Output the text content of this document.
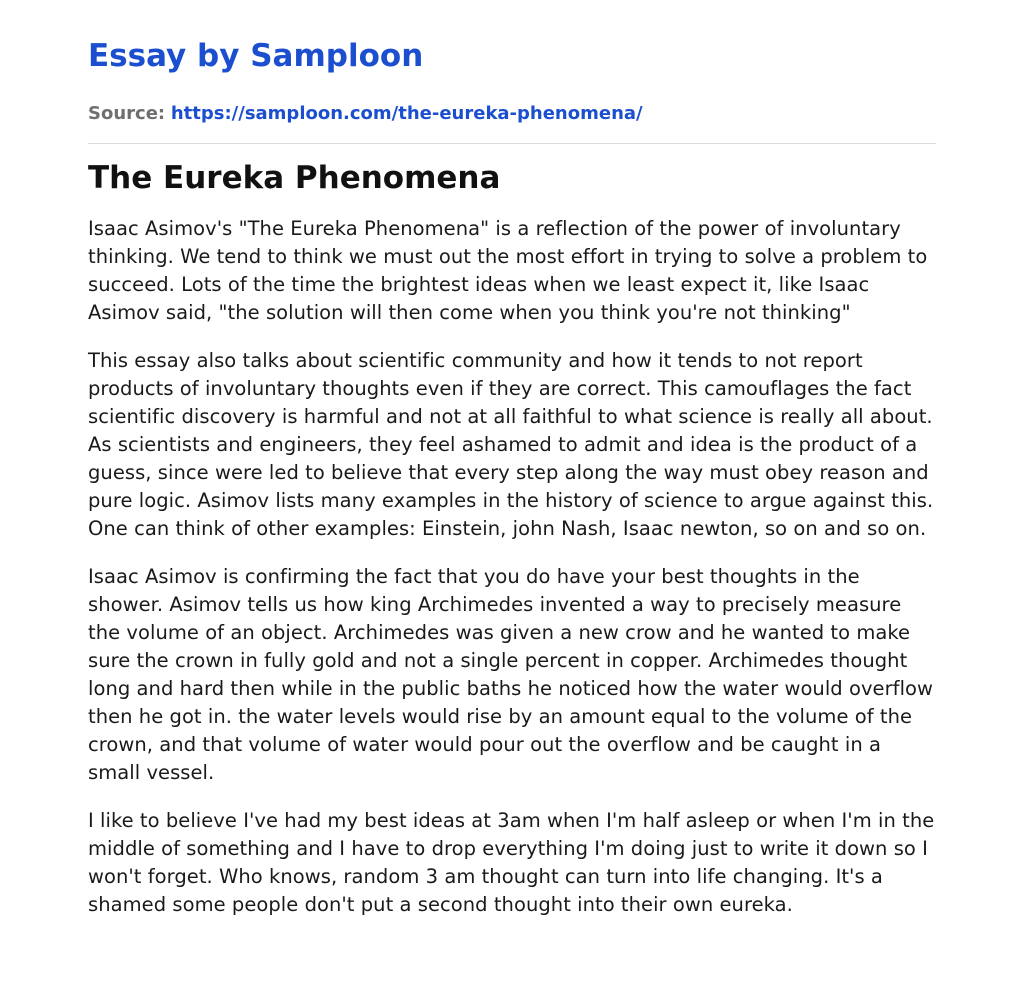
Essay by Samploon
Source: https://samploon.com/the-eureka-phenomena/
The Eureka Phenomena

Isaac Asimov's "The Eureka Phenomena" is a reflection of the power of involuntary thinking. We tend to think we must out the most effort in trying to solve a problem to succeed. Lots of the time the brightest ideas when we least expect it, like Isaac Asimov said, "the solution will then come when you think you're not thinking"

This essay also talks about scientific community and how it tends to not report products of involuntary thoughts even if they are correct. This camouflages the fact scientific discovery is harmful and not at all faithful to what science is really all about. As scientists and engineers, they feel ashamed to admit and idea is the product of a guess, since were led to believe that every step along the way must obey reason and pure logic. Asimov lists many examples in the history of science to argue against this. One can think of other examples: Einstein, john Nash, Isaac newton, so on and so on.

Isaac Asimov is confirming the fact that you do have your best thoughts in the shower. Asimov tells us how king Archimedes invented a way to precisely measure the volume of an object. Archimedes was given a new crow and he wanted to make sure the crown in fully gold and not a single percent in copper. Archimedes thought long and hard then while in the public baths he noticed how the water would overflow then he got in. the water levels would rise by an amount equal to the volume of the crown, and that volume of water would pour out the overflow and be caught in a small vessel.

I like to believe I've had my best ideas at 3am when I'm half asleep or when I'm in the middle of something and I have to drop everything I'm doing just to write it down so I won't forget. Who knows, random 3 am thought can turn into life changing. It's a shamed some people don't put a second thought into their own eureka.
